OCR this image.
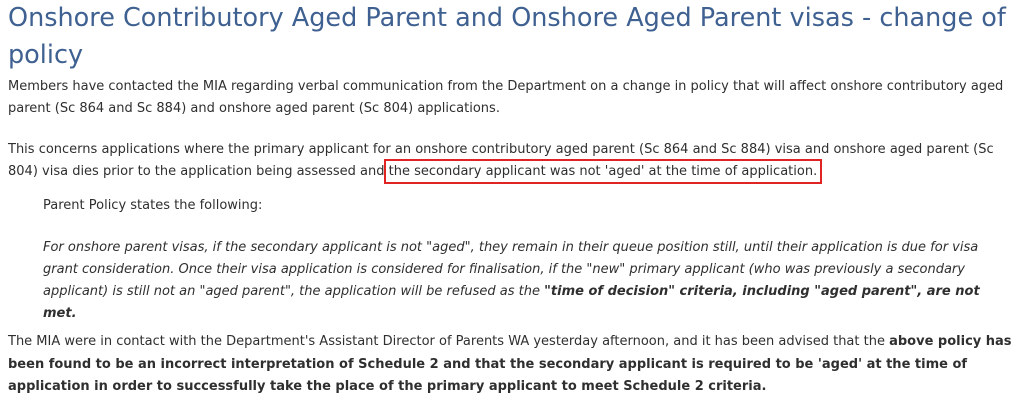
Onshore Contributory Aged Parent and Onshore Aged Parent visas - change of policy

Members have contacted the MIA regarding verbal communication from the Department on a change in policy that will affect onshore contributory aged parent (Sc 864 and Sc 884) and onshore aged parent (Sc 804) applications.

This concerns applications where the primary applicant for an onshore contributory aged parent (Sc 864 and Sc 884) visa and onshore aged parent (Sc 804) visa dies prior to the application being assessed and the secondary applicant was not 'aged' at the time of application.

Parent Policy states the following:

For onshore parent visas, if the secondary applicant is not "aged", they remain in their queue position still, until their application is due for visa grant consideration. Once their visa application is considered for finalisation, if the "new" primary applicant (who was previously a secondary applicant) is still not an "aged parent", the application will be refused as the "time of decision" criteria, including "aged parent", are not met.

The MIA were in contact with the Department's Assistant Director of Parents WA yesterday afternoon, and it has been advised that the above policy has been found to be an incorrect interpretation of Schedule 2 and that the secondary applicant is required to be 'aged' at the time of application in order to successfully take the place of the primary applicant to meet Schedule 2 criteria.
